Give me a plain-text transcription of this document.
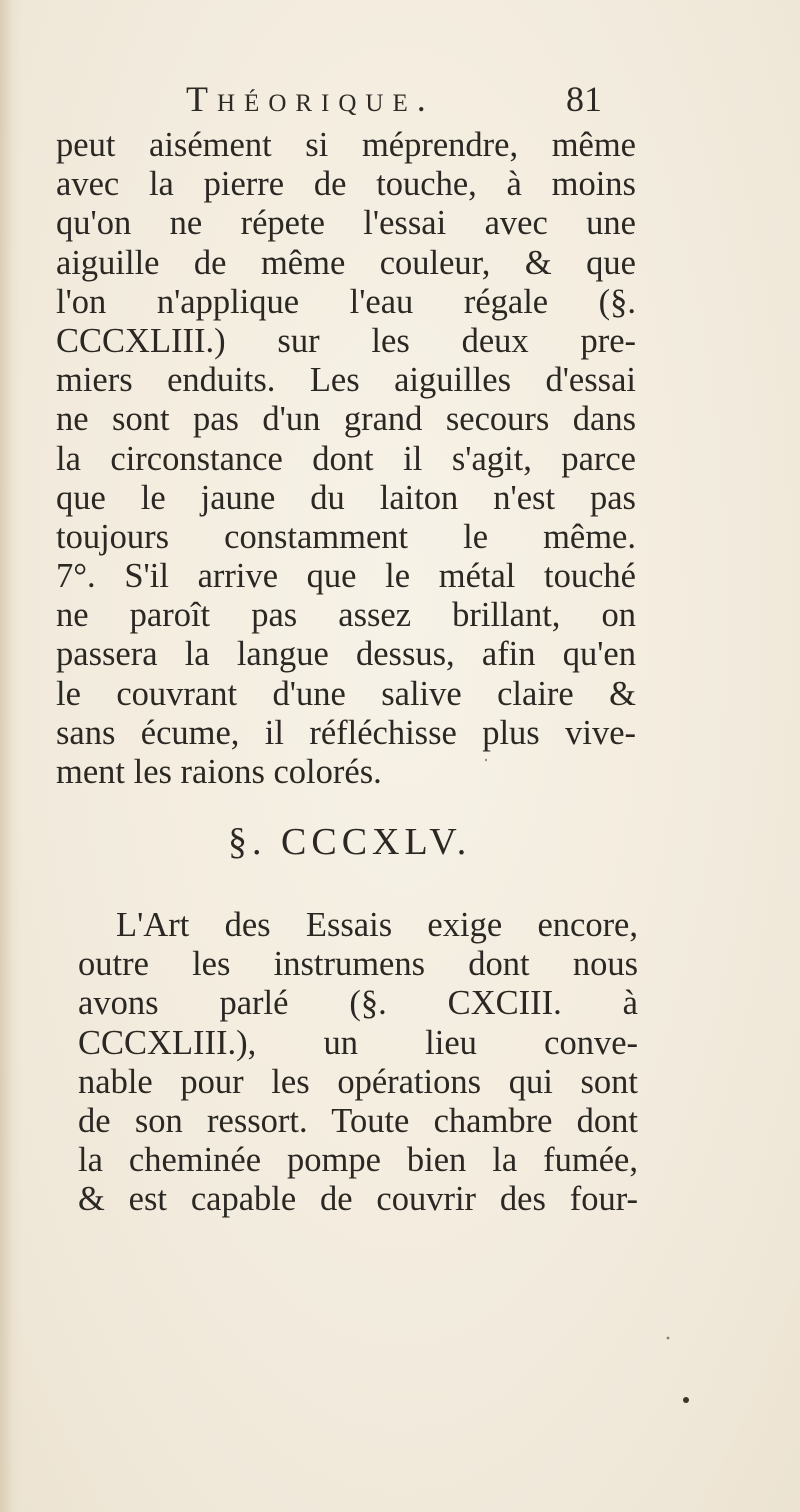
Théorique.	81
peut aisément si méprendre, même
avec la pierre de touche, à moins
qu'on ne répete l'essai avec une
aiguille de même couleur, & que
l'on n'applique l'eau régale (§.
CCCXLIII.) sur les deux pre-
miers enduits. Les aiguilles d'essai
ne sont pas d'un grand secours dans
la circonstance dont il s'agit, parce
que le jaune du laiton n'est pas
toujours constamment le même.
7°. S'il arrive que le métal touché
ne paroît pas assez brillant, on
passera la langue dessus, afin qu'en
le couvrant d'une salive claire &
sans écume, il réfléchisse plus vive-
ment les raions colorés.
§. CCCXLV.
L'Art des Essais exige encore,
outre les instrumens dont nous
avons parlé (§. CXCIII. à
CCCXLIII.), un lieu conve-
nable pour les opérations qui sont
de son ressort. Toute chambre dont
la cheminée pompe bien la fumée,
& est capable de couvrir des four-
